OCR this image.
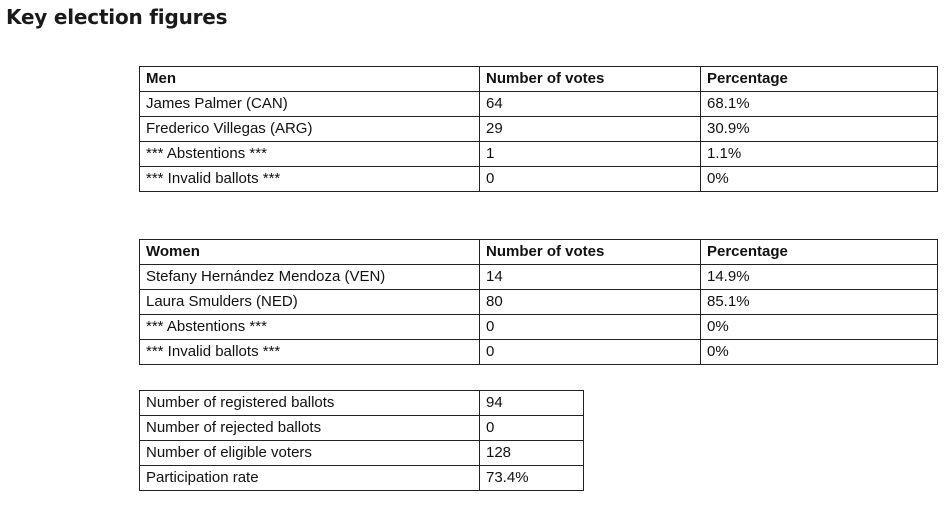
Key election figures
Men	Number of votes	Percentage
James Palmer (CAN)	64	68.1%
Frederico Villegas (ARG)	29	30.9%
*** Abstentions ***	1	1.1%
*** Invalid ballots ***	0	0%
Women	Number of votes	Percentage
Stefany Hernández Mendoza (VEN)	14	14.9%
Laura Smulders (NED)	80	85.1%
*** Abstentions ***	0	0%
*** Invalid ballots ***	0	0%
Number of registered ballots	94
Number of rejected ballots	0
Number of eligible voters	128
Participation rate	73.4%
